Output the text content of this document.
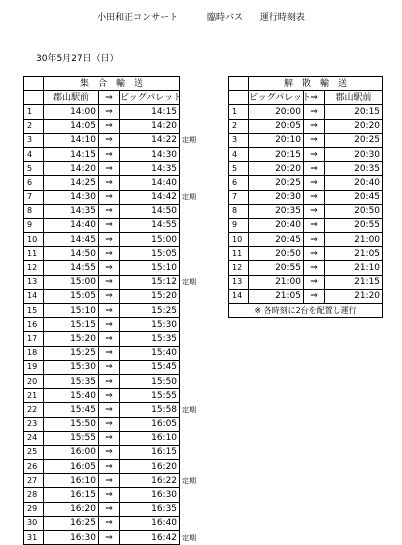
小田和正コンサート	臨時バス 運行時刻表
30年5月27日（日）
	集　合　輸　送			
	郡山駅前	⇒	ビッグパレット	
1	14:00	⇒	14:15	
2	14:05	⇒	14:20	
3	14:10	⇒	14:22	定期
4	14:15	⇒	14:30	
5	14:20	⇒	14:35	
6	14:25	⇒	14:40	
7	14:30	⇒	14:42	定期
8	14:35	⇒	14:50	
9	14:40	⇒	14:55	
10	14:45	⇒	15:00	
11	14:50	⇒	15:05	
12	14:55	⇒	15:10	
13	15:00	⇒	15:12	定期
14	15:05	⇒	15:20	
15	15:10	⇒	15:25	
16	15:15	⇒	15:30	
17	15:20	⇒	15:35	
18	15:25	⇒	15:40	
19	15:30	⇒	15:45	
20	15:35	⇒	15:50	
21	15:40	⇒	15:55	
22	15:45	⇒	15:58	定期
23	15:50	⇒	16:05	
24	15:55	⇒	16:10	
25	16:00	⇒	16:15	
26	16:05	⇒	16:20	
27	16:10	⇒	16:22	定期
28	16:15	⇒	16:30	
29	16:20	⇒	16:35	
30	16:25	⇒	16:40	
31	16:30	⇒	16:42	定期
	解　散　輸　送		
	ビッグパレット	⇒	郡山駅前
1	20:00	⇒	20:15
2	20:05	⇒	20:20
3	20:10	⇒	20:25
4	20:15	⇒	20:30
5	20:20	⇒	20:35
6	20:25	⇒	20:40
7	20:30	⇒	20:45
8	20:35	⇒	20:50
9	20:40	⇒	20:55
10	20:45	⇒	21:00
11	20:50	⇒	21:05
12	20:55	⇒	21:10
13	21:00	⇒	21:15
14	21:05	⇒	21:20
※ 各時刻に2台を配置し運行			
